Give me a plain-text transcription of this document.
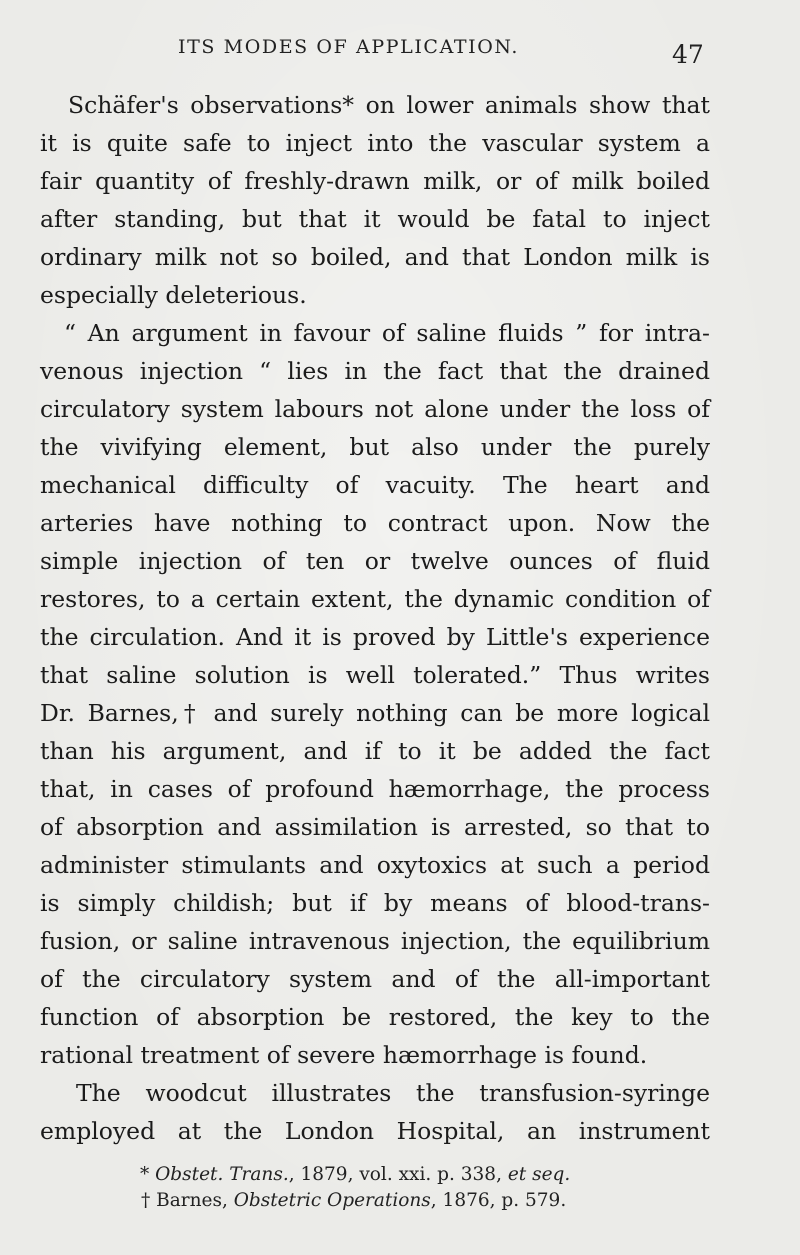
ITS MODES OF APPLICATION.	47
Schäfer's observations* on lower animals show that
it is quite safe to inject into the vascular system a
fair quantity of freshly-drawn milk, or of milk boiled
after standing, but that it would be fatal to inject
ordinary milk not so boiled, and that London milk is
especially deleterious.
“ An argument in favour of saline fluids ” for intra-
venous injection “ lies in the fact that the drained
circulatory system labours not alone under the loss of
the vivifying element, but also under the purely
mechanical difficulty of vacuity. The heart and
arteries have nothing to contract upon. Now the
simple injection of ten or twelve ounces of fluid
restores, to a certain extent, the dynamic condition of
the circulation. And it is proved by Little's experience
that saline solution is well tolerated.” Thus writes
Dr. Barnes,† and surely nothing can be more logical
than his argument, and if to it be added the fact
that, in cases of profound hæmorrhage, the process
of absorption and assimilation is arrested, so that to
administer stimulants and oxytoxics at such a period
is simply childish; but if by means of blood-trans-
fusion, or saline intravenous injection, the equilibrium
of the circulatory system and of the all-important
function of absorption be restored, the key to the
rational treatment of severe hæmorrhage is found.
The woodcut illustrates the transfusion-syringe
employed at the London Hospital, an instrument
* Obstet. Trans., 1879, vol. xxi. p. 338, et seq.
† Barnes, Obstetric Operations, 1876, p. 579.
